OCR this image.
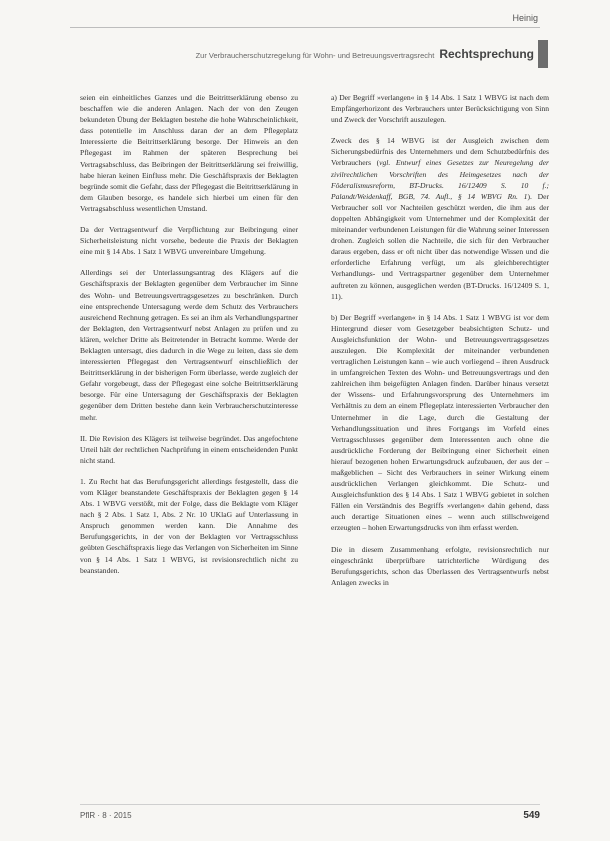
Heinig
Zur Verbraucherschutzregelung für Wohn- und Betreuungsvertragsrecht Rechtsprechung

seien ein einheitliches Ganzes und die Beitrittserklärung ebenso zu beschaffen wie die anderen Anlagen. Nach der von den Zeugen bekundeten Übung der Beklagten bestehe die hohe Wahrscheinlichkeit, dass potentielle im Anschluss daran der an dem Pflegeplatz Interessierte die Beitrittserklärung besorge. Der Hinweis an den Pflegegast im Rahmen der späteren Besprechung bei Vertragsabschluss, das Beibringen der Beitrittserklärung sei freiwillig, habe hieran keinen Einfluss mehr. Die Geschäftspraxis der Beklagten begründe somit die Gefahr, dass der Pflegegast die Beitrittserklärung in dem Glauben besorge, es handele sich hierbei um einen für den Vertragsabschluss wesentlichen Umstand.

Da der Vertragsentwurf die Verpflichtung zur Beibringung einer Sicherheitsleistung nicht vorsehe, bedeute die Praxis der Beklagten eine mit § 14 Abs. 1 Satz 1 WBVG unvereinbare Umgehung.

Allerdings sei der Unterlassungsantrag des Klägers auf die Geschäftspraxis der Beklagten gegenüber dem Verbraucher im Sinne des Wohn- und Betreuungsvertragsgesetzes zu beschränken. Durch eine entsprechende Untersagung werde dem Schutz des Verbrauchers ausreichend Rechnung getragen. Es sei an ihm als Verhandlungspartner der Beklagten, den Vertragsentwurf nebst Anlagen zu prüfen und zu klären, welcher Dritte als Beitretender in Betracht komme. Werde der Beklagten untersagt, dies dadurch in die Wege zu leiten, dass sie dem interessierten Pflegegast den Vertragsentwurf einschließlich der Beitrittserklärung in der bisherigen Form überlasse, werde zugleich der Gefahr vorgebeugt, dass der Pflegegast eine solche Beitrittserklärung besorge. Für eine Untersagung der Geschäftspraxis der Beklagten gegenüber dem Dritten bestehe dann kein Verbraucherschutzinteresse mehr.

II. Die Revision des Klägers ist teilweise begründet. Das angefochtene Urteil hält der rechtlichen Nachprüfung in einem entscheidenden Punkt nicht stand.

1. Zu Recht hat das Berufungsgericht allerdings festgestellt, dass die vom Kläger beanstandete Geschäftspraxis der Beklagten gegen § 14 Abs. 1 WBVG verstößt, mit der Folge, dass die Beklagte vom Kläger nach § 2 Abs. 1 Satz 1, Abs. 2 Nr. 10 UKlaG auf Unterlassung in Anspruch genommen werden kann. Die Annahme des Berufungsgerichts, in der von der Beklagten vor Vertragsschluss geübten Geschäftspraxis liege das Verlangen von Sicherheiten im Sinne von § 14 Abs. 1 Satz 1 WBVG, ist revisionsrechtlich nicht zu beanstanden.

a) Der Begriff »verlangen« in § 14 Abs. 1 Satz 1 WBVG ist nach dem Empfängerhorizont des Verbrauchers unter Berücksichtigung von Sinn und Zweck der Vorschrift auszulegen.

Zweck des § 14 WBVG ist der Ausgleich zwischen dem Sicherungsbedürfnis des Unternehmers und dem Schutzbedürfnis des Verbrauchers (vgl. Entwurf eines Gesetzes zur Neuregelung der zivilrechtlichen Vorschriften des Heimgesetzes nach der Föderalismusreform, BT-Drucks. 16/12409 S. 10 f.; Palandt/Weidenkaff, BGB, 74. Aufl., § 14 WBVG Rn. 1). Der Verbraucher soll vor Nachteilen geschützt werden, die ihm aus der doppelten Abhängigkeit vom Unternehmer und der Komplexität der miteinander verbundenen Leistungen für die Wahrung seiner Interessen drohen. Zugleich sollen die Nachteile, die sich für den Verbraucher daraus ergeben, dass er oft nicht über das notwendige Wissen und die erforderliche Erfahrung verfügt, um als gleichberechtigter Verhandlungs- und Vertragspartner gegenüber dem Unternehmer auftreten zu können, ausgeglichen werden (BT-Drucks. 16/12409 S. 1, 11).

b) Der Begriff »verlangen« in § 14 Abs. 1 Satz 1 WBVG ist vor dem Hintergrund dieser vom Gesetzgeber beabsichtigten Schutz- und Ausgleichsfunktion der Wohn- und Betreuungsvertragsgesetzes auszulegen. Die Komplexität der miteinander verbundenen vertraglichen Leistungen kann – wie auch vorliegend – ihren Ausdruck in umfangreichen Texten des Wohn- und Betreuungsvertrags und den zahlreichen ihm beigefügten Anlagen finden. Darüber hinaus versetzt der Wissens- und Erfahrungsvorsprung des Unternehmers im Verhältnis zu dem an einem Pflegeplatz interessierten Verbraucher den Unternehmer in die Lage, durch die Gestaltung der Verhandlungssituation und ihres Fortgangs im Vorfeld eines Vertragsschlusses gegenüber dem Interessenten auch ohne die ausdrückliche Forderung der Beibringung einer Sicherheit einen hierauf bezogenen hohen Erwartungsdruck aufzubauen, der aus der – maßgeblichen – Sicht des Verbrauchers in seiner Wirkung einem ausdrücklichen Verlangen gleichkommt. Die Schutz- und Ausgleichsfunktion des § 14 Abs. 1 Satz 1 WBVG gebietet in solchen Fällen ein Verständnis des Begriffs »verlangen« dahin gehend, dass auch derartige Situationen eines – wenn auch stillschweigend erzeugten – hohen Erwartungsdrucks von ihm erfasst werden.

Die in diesem Zusammenhang erfolgte, revisionsrechtlich nur eingeschränkt überprüfbare tatrichterliche Würdigung des Berufungsgerichts, schon das Überlassen des Vertragsentwurfs nebst Anlagen zwecks in

PflR · 8 · 2015	549
